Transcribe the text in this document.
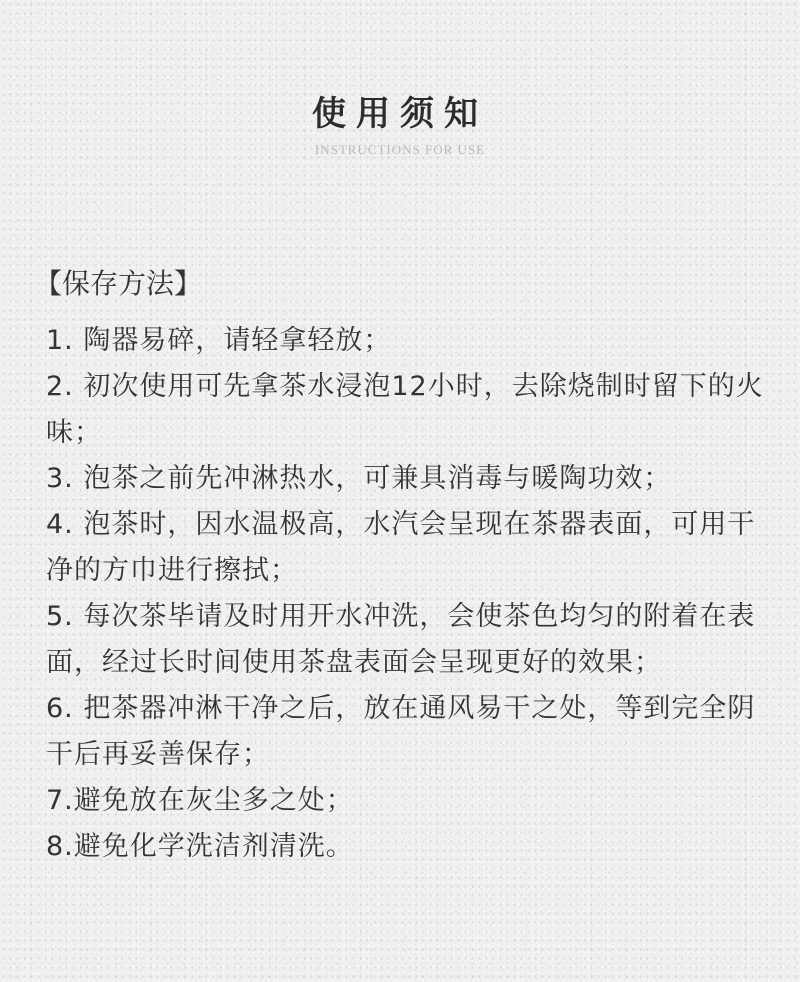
使用须知
INSTRUCTIONS FOR USE
【保存方法】
1. 陶器易碎，请轻拿轻放；
2. 初次使用可先拿茶水浸泡12小时，去除烧制时留下的火味；
3. 泡茶之前先冲淋热水，可兼具消毒与暖陶功效；
4. 泡茶时，因水温极高，水汽会呈现在茶器表面，可用干净的方巾进行擦拭；
5. 每次茶毕请及时用开水冲洗，会使茶色均匀的附着在表面，经过长时间使用茶盘表面会呈现更好的效果；
6. 把茶器冲淋干净之后，放在通风易干之处，等到完全阴干后再妥善保存；
7.避免放在灰尘多之处；
8.避免化学洗洁剂清洗。
